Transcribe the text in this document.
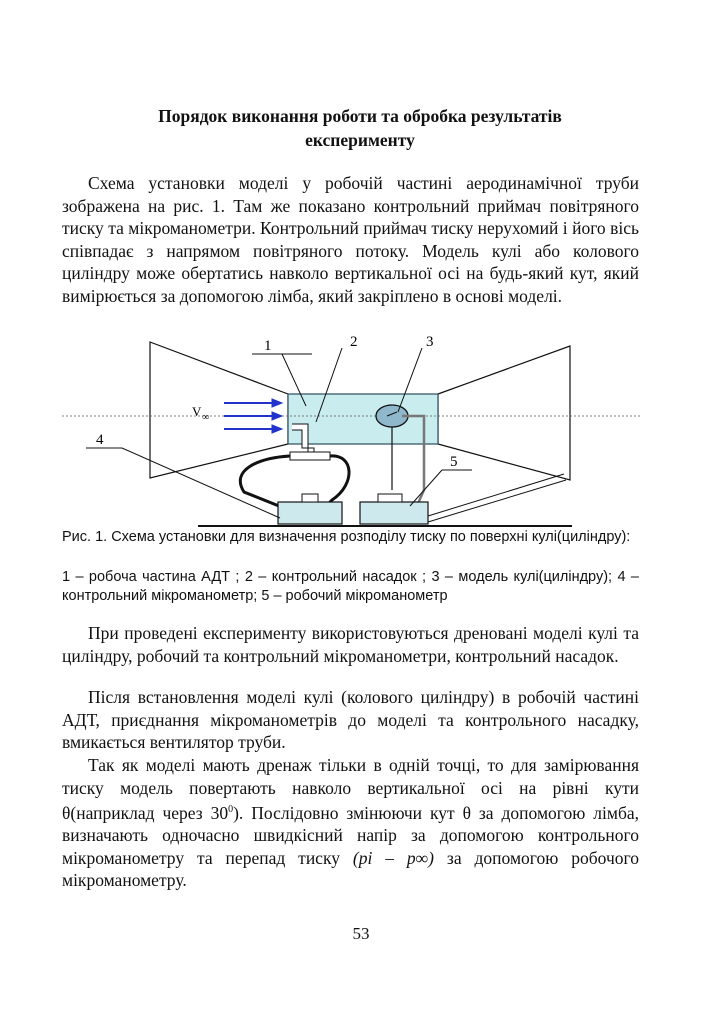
Порядок виконання роботи та обробка результатів
експерименту

Схема установки моделі у робочій частині аеродинамічної труби зображена на рис. 1. Там же показано контрольний приймач повітряного тиску та мікроманометри. Контрольний приймач тиску нерухомий і його вісь співпадає з напрямом повітряного потоку. Модель кулі або колового циліндру може обертатись навколо вертикальної осі на будь-який кут, який вимірюється за допомогою лімба, який закріплено в основі моделі.

V ∞
1	2	3
4
5

Рис. 1. Схема установки для визначення розподілу тиску по поверхні кулі(циліндру):

1 – робоча частина АДТ ; 2 – контрольний насадок ; 3 – модель кулі(циліндру); 4 – контрольний мікроманометр; 5 – робочий мікроманометр

При проведені експерименту використовуються дреновані моделі кулі та циліндру, робочий та контрольний мікроманометри, контрольний насадок.

Після встановлення моделі кулі (колового циліндру) в робочій частині АДТ, приєднання мікроманометрів до моделі та контрольного насадку, вмикається вентилятор труби.

Так як моделі мають дренаж тільки в одній точці, то для замірювання тиску модель повертають навколо вертикальної осі на рівні кути θ(наприклад через $30^0$). Послідовно змінюючи кут θ за допомогою лімба, визначають одночасно швидкісний напір за допомогою контрольного мікроманометру та перепад тиску (pi – p∞) за допомогою робочого мікроманометру.

53
